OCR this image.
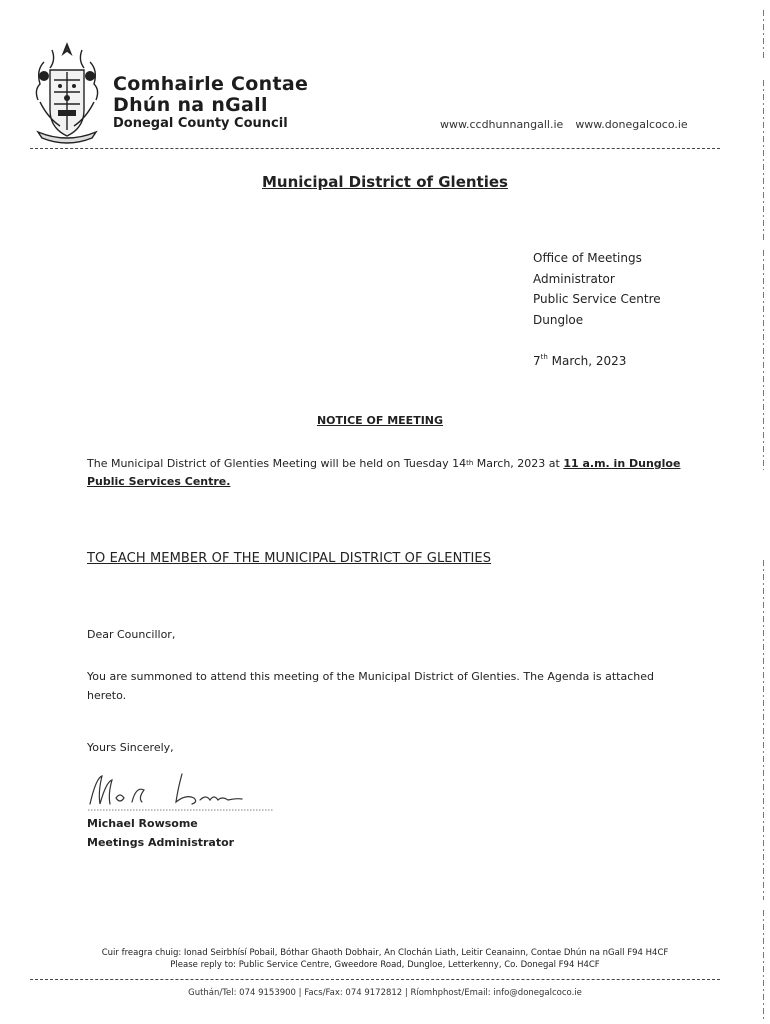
Comhairle Contae
Dhún na nGall
Donegal County Council	www.ccdhunnangall.ie www.donegalcoco.ie
Municipal District of Glenties
Office of Meetings
Administrator
Public Service Centre
Dungloe
7th March, 2023
NOTICE OF MEETING
The Municipal District of Glenties Meeting will be held on Tuesday 14th March, 2023 at 11 a.m. in Dungloe Public Services Centre.
TO EACH MEMBER OF THE MUNICIPAL DISTRICT OF GLENTIES
Dear Councillor,
You are summoned to attend this meeting of the Municipal District of Glenties. The Agenda is attached hereto.
Yours Sincerely,
Michael Rowsome
Meetings Administrator
Cuir freagra chuig: Ionad Seirbhísí Pobail, Bóthar Ghaoth Dobhair, An Clochán Liath, Leitir Ceanainn, Contae Dhún na nGall F94 H4CF
Please reply to: Public Service Centre, Gweedore Road, Dungloe, Letterkenny, Co. Donegal F94 H4CF
Guthán/Tel: 074 9153900 | Facs/Fax: 074 9172812 | Ríomhphost/Email: info@donegalcoco.ie
